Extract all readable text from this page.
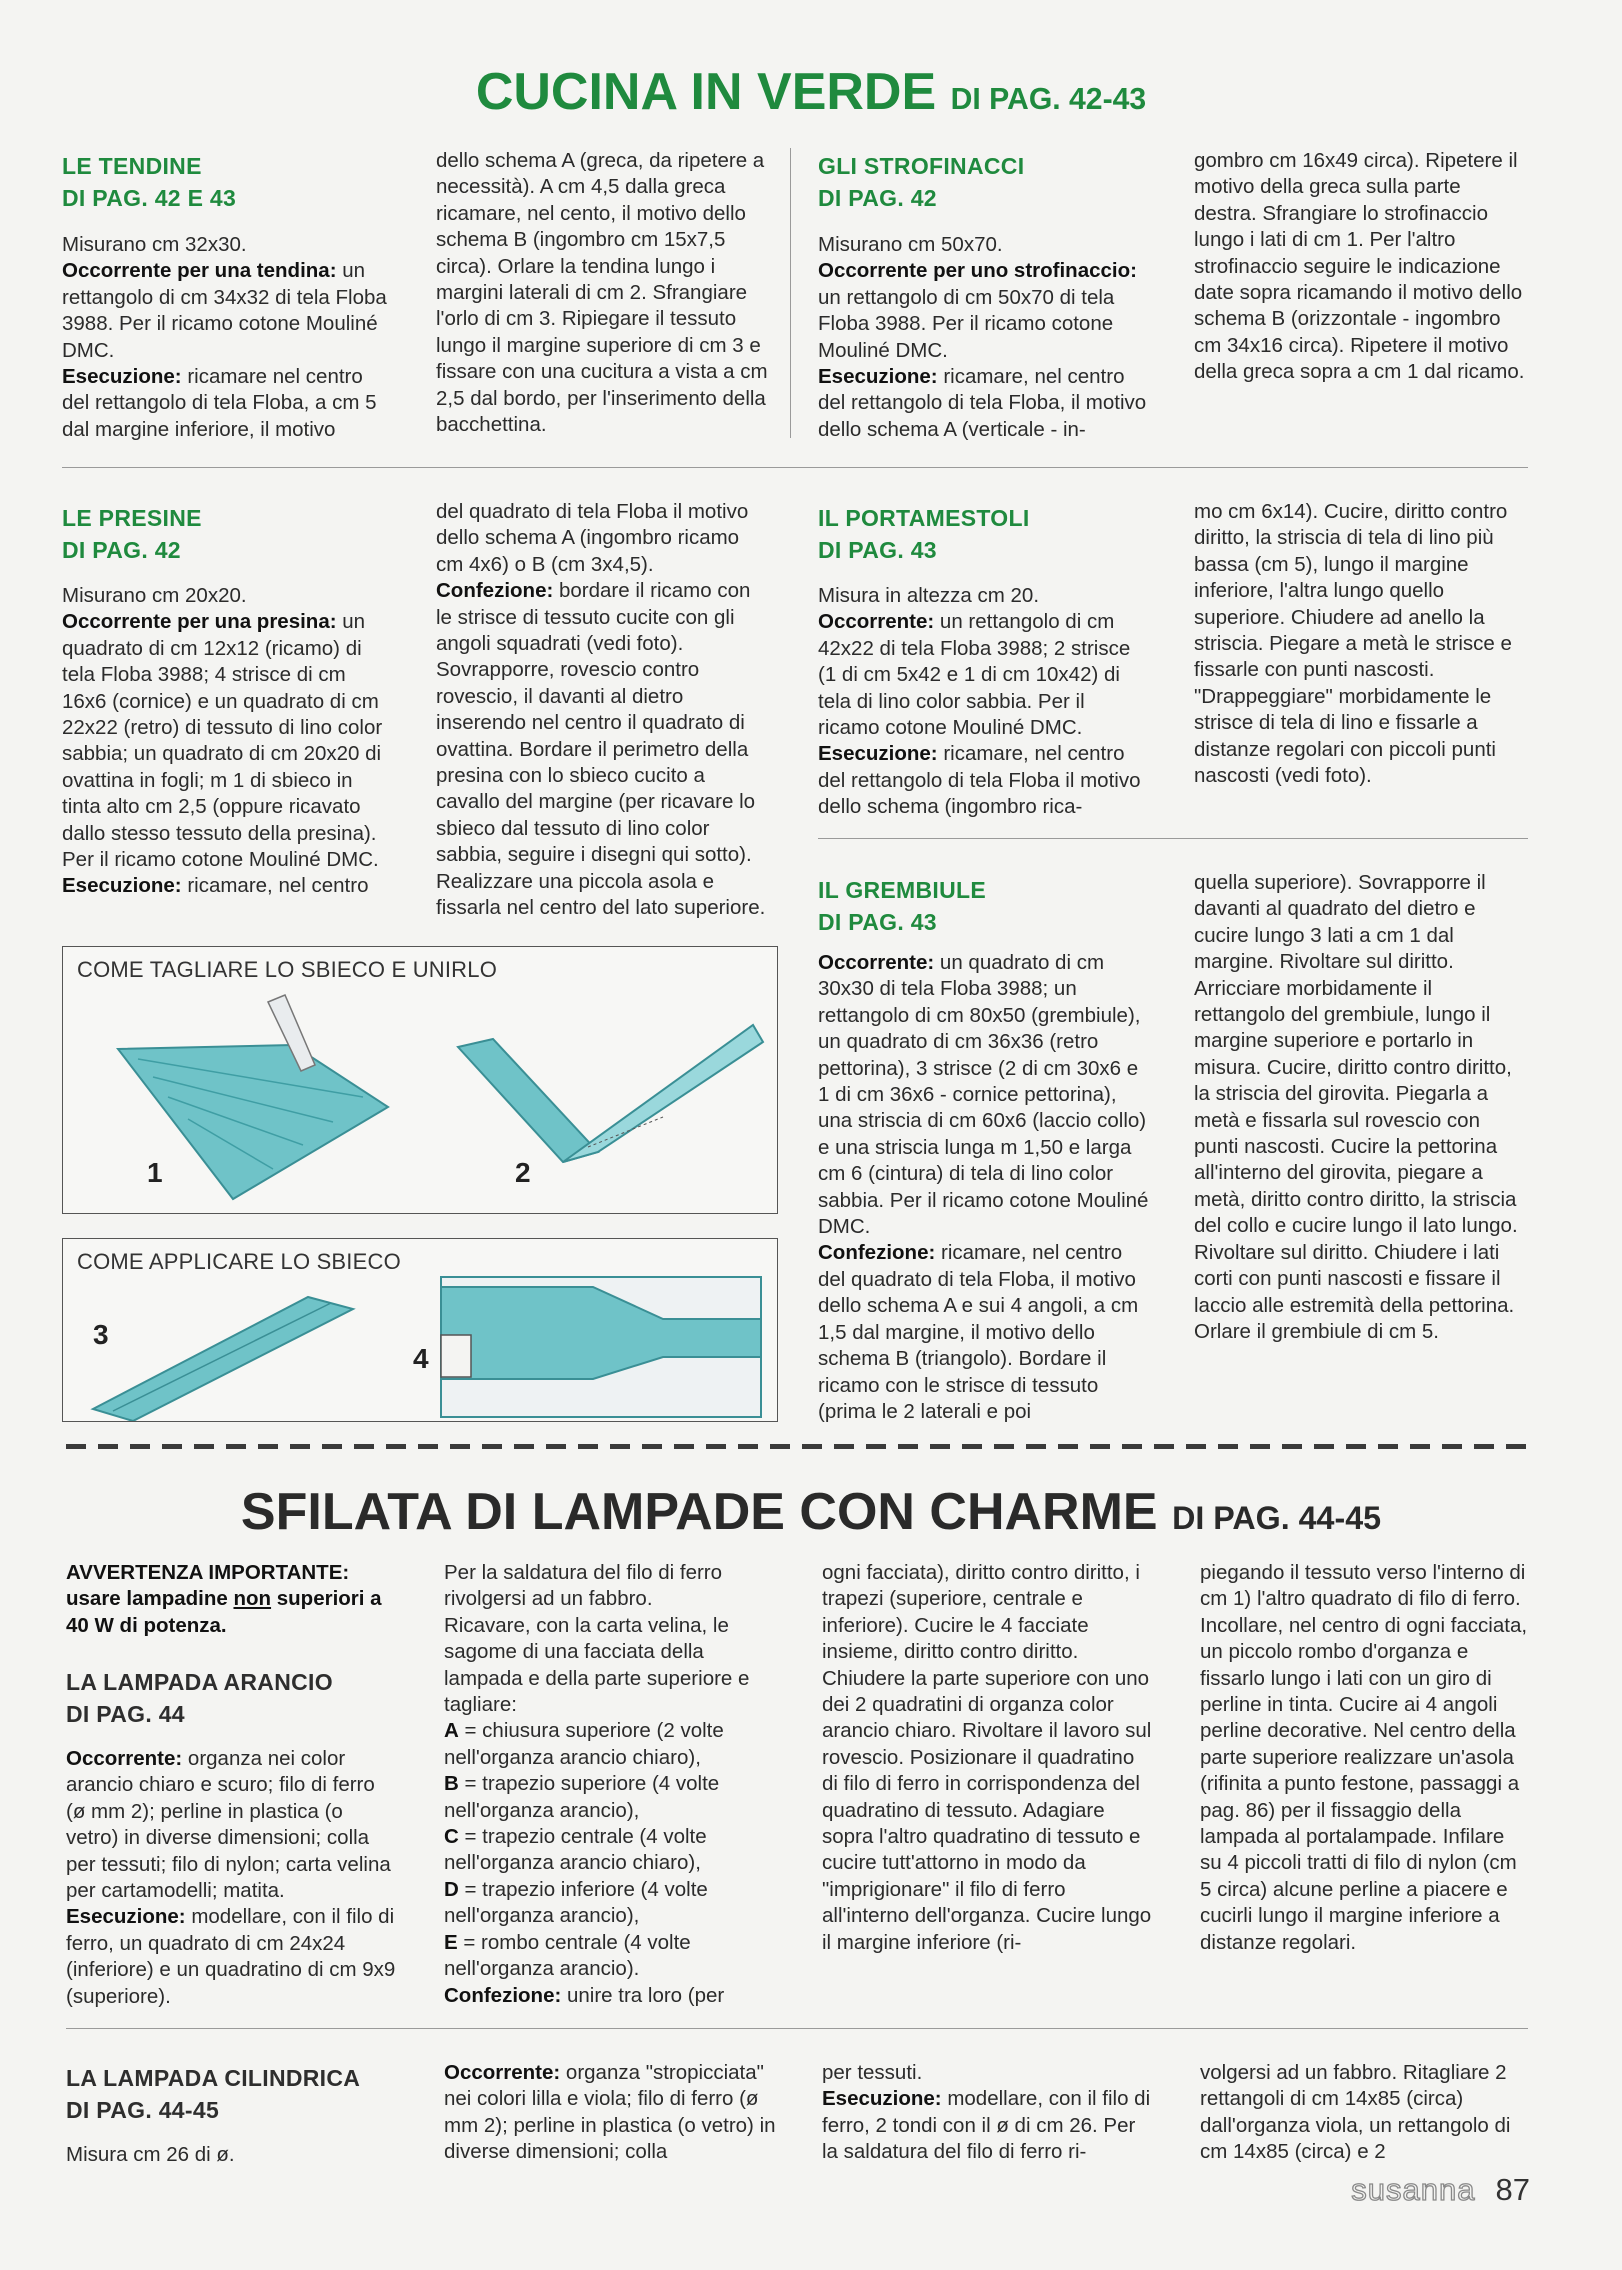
CUCINA IN VERDE DI PAG. 42-43
LE TENDINE
DI PAG. 42 E 43

Misurano cm 32x30.

Occorrente per una tendina: un rettangolo di cm 34x32 di tela Floba 3988. Per il ricamo cotone Mouliné DMC.

Esecuzione: ricamare nel centro del rettangolo di tela Floba, a cm 5 dal margine inferiore, il motivo

dello schema A (greca, da ripetere a necessità). A cm 4,5 dalla greca ricamare, nel cento, il motivo dello schema B (ingombro cm 15x7,5 circa). Orlare la tendina lungo i margini laterali di cm 2. Sfrangiare l'orlo di cm 3. Ripiegare il tessuto lungo il margine superiore di cm 3 e fissare con una cucitura a vista a cm 2,5 dal bordo, per l'inserimento della bacchettina.
GLI STROFINACCI
DI PAG. 42

Misurano cm 50x70.

Occorrente per uno strofinaccio: un rettangolo di cm 50x70 di tela Floba 3988. Per il ricamo cotone Mouliné DMC.

Esecuzione: ricamare, nel centro del rettangolo di tela Floba, il motivo dello schema A (verticale - in-

gombro cm 16x49 circa). Ripetere il motivo della greca sulla parte destra. Sfrangiare lo strofinaccio lungo i lati di cm 1. Per l'altro strofinaccio seguire le indicazione date sopra ricamando il motivo dello schema B (orizzontale - ingombro cm 34x16 circa). Ripetere il motivo della greca sopra a cm 1 dal ricamo.
LE PRESINE
DI PAG. 42

Misurano cm 20x20.

Occorrente per una presina: un quadrato di cm 12x12 (ricamo) di tela Floba 3988; 4 strisce di cm 16x6 (cornice) e un quadrato di cm 22x22 (retro) di tessuto di lino color sabbia; un quadrato di cm 20x20 di ovattina in fogli; m 1 di sbieco in tinta alto cm 2,5 (oppure ricavato dallo stesso tessuto della presina). Per il ricamo cotone Mouliné DMC.

Esecuzione: ricamare, nel centro

del quadrato di tela Floba il motivo dello schema A (ingombro ricamo cm 4x6) o B (cm 3x4,5).

Confezione: bordare il ricamo con le strisce di tessuto cucite con gli angoli squadrati (vedi foto). Sovrapporre, rovescio contro rovescio, il davanti al dietro inserendo nel centro il quadrato di ovattina. Bordare il perimetro della presina con lo sbieco cucito a cavallo del margine (per ricavare lo sbieco dal tessuto di lino color sabbia, seguire i disegni qui sotto). Realizzare una piccola asola e fissarla nel centro del lato superiore.

IL PORTAMESTOLI
DI PAG. 43

Misura in altezza cm 20.

Occorrente: un rettangolo di cm 42x22 di tela Floba 3988; 2 strisce (1 di cm 5x42 e 1 di cm 10x42) di tela di lino color sabbia. Per il ricamo cotone Mouliné DMC.

Esecuzione: ricamare, nel centro del rettangolo di tela Floba il motivo dello schema (ingombro rica-

mo cm 6x14). Cucire, diritto contro diritto, la striscia di tela di lino più bassa (cm 5), lungo il margine inferiore, l'altra lungo quello superiore. Chiudere ad anello la striscia. Piegare a metà le strisce e fissarle con punti nascosti. "Drappeggiare" morbidamente le strisce di tela di lino e fissarle a distanze regolari con piccoli punti nascosti (vedi foto).
IL GREMBIULE
DI PAG. 43

Occorrente: un quadrato di cm 30x30 di tela Floba 3988; un rettangolo di cm 80x50 (grembiule), un quadrato di cm 36x36 (retro pettorina), 3 strisce (2 di cm 30x6 e 1 di cm 36x6 - cornice pettorina), una striscia di cm 60x6 (laccio collo) e una striscia lunga m 1,50 e larga cm 6 (cintura) di tela di lino color sabbia. Per il ricamo cotone Mouliné DMC.

Confezione: ricamare, nel centro del quadrato di tela Floba, il motivo dello schema A e sui 4 angoli, a cm 1,5 dal margine, il motivo dello schema B (triangolo). Bordare il ricamo con le strisce di tessuto (prima le 2 laterali e poi

quella superiore). Sovrapporre il davanti al quadrato del dietro e cucire lungo 3 lati a cm 1 dal margine. Rivoltare sul diritto. Arricciare morbidamente il rettangolo del grembiule, lungo il margine superiore e portarlo in misura. Cucire, diritto contro diritto, la striscia del girovita. Piegarla a metà e fissarla sul rovescio con punti nascosti. Cucire la pettorina all'interno del girovita, piegare a metà, diritto contro diritto, la striscia del collo e cucire lungo il lato lungo. Rivoltare sul diritto. Chiudere i lati corti con punti nascosti e fissare il laccio alle estremità della pettorina. Orlare il grembiule di cm 5.
COME TAGLIARE LO SBIECO E UNIRLO
1	2
COME APPLICARE LO SBIECO
3
4
SFILATA DI LAMPADE CON CHARME DI PAG. 44-45
AVVERTENZA IMPORTANTE: usare lampadine non superiori a 40 W di potenza.
LA LAMPADA ARANCIO
DI PAG. 44

Occorrente: organza nei color arancio chiaro e scuro; filo di ferro (ø mm 2); perline in plastica (o vetro) in diverse dimensioni; colla per tessuti; filo di nylon; carta velina per cartamodelli; matita.

Esecuzione: modellare, con il filo di ferro, un quadrato di cm 24x24 (inferiore) e un quadratino di cm 9x9 (superiore).

Per la saldatura del filo di ferro rivolgersi ad un fabbro.

Ricavare, con la carta velina, le sagome di una facciata della lampada e della parte superiore e tagliare:

A = chiusura superiore (2 volte nell'organza arancio chiaro),

B = trapezio superiore (4 volte nell'organza arancio),

C = trapezio centrale (4 volte nell'organza arancio chiaro),

D = trapezio inferiore (4 volte nell'organza arancio),

E = rombo centrale (4 volte nell'organza arancio).

Confezione: unire tra loro (per

ogni facciata), diritto contro diritto, i trapezi (superiore, centrale e inferiore). Cucire le 4 facciate insieme, diritto contro diritto. Chiudere la parte superiore con uno dei 2 quadratini di organza color arancio chiaro. Rivoltare il lavoro sul rovescio. Posizionare il quadratino di filo di ferro in corrispondenza del quadratino di tessuto. Adagiare sopra l'altro quadratino di tessuto e cucire tutt'attorno in modo da "imprigionare" il filo di ferro all'interno dell'organza. Cucire lungo il margine inferiore (ri-
piegando il tessuto verso l'interno di cm 1) l'altro quadrato di filo di ferro. Incollare, nel centro di ogni facciata, un piccolo rombo d'organza e fissarlo lungo i lati con un giro di perline in tinta. Cucire ai 4 angoli perline decorative. Nel centro della parte superiore realizzare un'asola (rifinita a punto festone, passaggi a pag. 86) per il fissaggio della lampada al portalampade. Infilare su 4 piccoli tratti di filo di nylon (cm 5 circa) alcune perline a piacere e cucirli lungo il margine inferiore a distanze regolari.
LA LAMPADA CILINDRICA
DI PAG. 44-45
Misura cm 26 di ø.

Occorrente: organza "stropicciata" nei colori lilla e viola; filo di ferro (ø mm 2); perline in plastica (o vetro) in diverse dimensioni; colla

per tessuti.

Esecuzione: modellare, con il filo di ferro, 2 tondi con il ø di cm 26. Per la saldatura del filo di ferro ri-

volgersi ad un fabbro. Ritagliare 2 rettangoli di cm 14x85 (circa) dall'organza viola, un rettangolo di cm 14x85 (circa) e 2
susanna 87
